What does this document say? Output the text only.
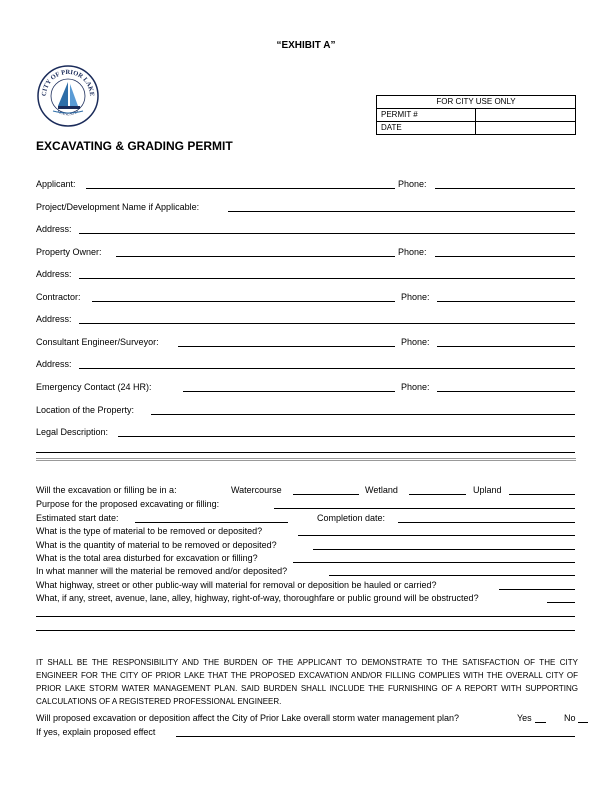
“EXHIBIT A”
CITY OF PRIOR LAKE
MINNESOTA
FOR CITY USE ONLY	
PERMIT #	
DATE	
EXCAVATING & GRADING PERMIT
Applicant:	Phone:
Project/Development Name if Applicable:
Address:
Property Owner:	Phone:
Address:
Contractor:	Phone:
Address:
Consultant Engineer/Surveyor:	Phone:
Address:
Emergency Contact (24 HR):	Phone:
Location of the Property:
Legal Description:
Will the excavation or filling be in a:	Watercourse	Wetland	Upland
Purpose for the proposed excavating or filling:
Estimated start date:	Completion date:
What is the type of material to be removed or deposited?
What is the quantity of material to be removed or deposited?
What is the total area disturbed for excavation or filling?
In what manner will the material be removed and/or deposited?
What highway, street or other public-way will material for removal or deposition be hauled or carried?
What, if any, street, avenue, lane, alley, highway, right-of-way, thoroughfare or public ground will be obstructed?
IT SHALL BE THE RESPONSIBILITY AND THE BURDEN OF THE APPLICANT TO DEMONSTRATE TO THE SATISFACTION OF THE CITY ENGINEER FOR THE CITY OF PRIOR LAKE THAT THE PROPOSED EXCAVATION AND/OR FILLING COMPLIES WITH THE OVERALL CITY OF PRIOR LAKE STORM WATER MANAGEMENT PLAN. SAID BURDEN SHALL INCLUDE THE FURNISHING OF A REPORT WITH SUPPORTING CALCULATIONS OF A REGISTERED PROFESSIONAL ENGINEER.
Will proposed excavation or deposition affect the City of Prior Lake overall storm water management plan?	Yes	No
If yes, explain proposed effect
